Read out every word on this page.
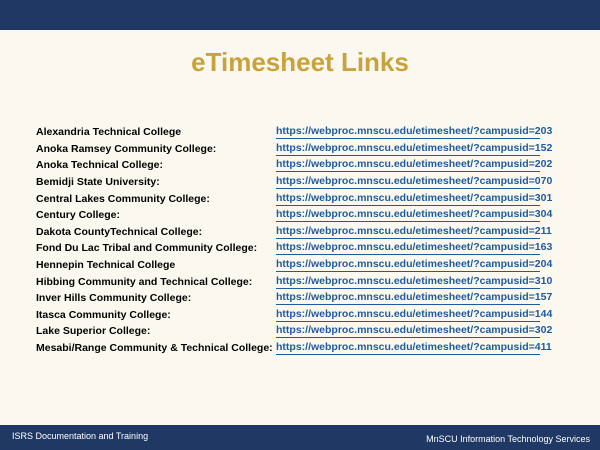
eTimesheet Links
Alexandria Technical College	https://webproc.mnscu.edu/etimesheet/?campusid=203
Anoka Ramsey Community College:	https://webproc.mnscu.edu/etimesheet/?campusid=152
Anoka Technical College:	https://webproc.mnscu.edu/etimesheet/?campusid=202
Bemidji State University:	https://webproc.mnscu.edu/etimesheet/?campusid=070
Central Lakes Community College:	https://webproc.mnscu.edu/etimesheet/?campusid=301
Century College:	https://webproc.mnscu.edu/etimesheet/?campusid=304
Dakota CountyTechnical College:	https://webproc.mnscu.edu/etimesheet/?campusid=211
Fond Du Lac Tribal and Community College:	https://webproc.mnscu.edu/etimesheet/?campusid=163
Hennepin Technical College	https://webproc.mnscu.edu/etimesheet/?campusid=204
Hibbing Community and Technical College:	https://webproc.mnscu.edu/etimesheet/?campusid=310
Inver Hills Community College:	https://webproc.mnscu.edu/etimesheet/?campusid=157
Itasca Community College:	https://webproc.mnscu.edu/etimesheet/?campusid=144
Lake Superior College:	https://webproc.mnscu.edu/etimesheet/?campusid=302
Mesabi/Range Community & Technical College: https://webproc.mnscu.edu/etimesheet/?campusid=411
ISRS Documentation and Training	MnSCU Information Technology Services
